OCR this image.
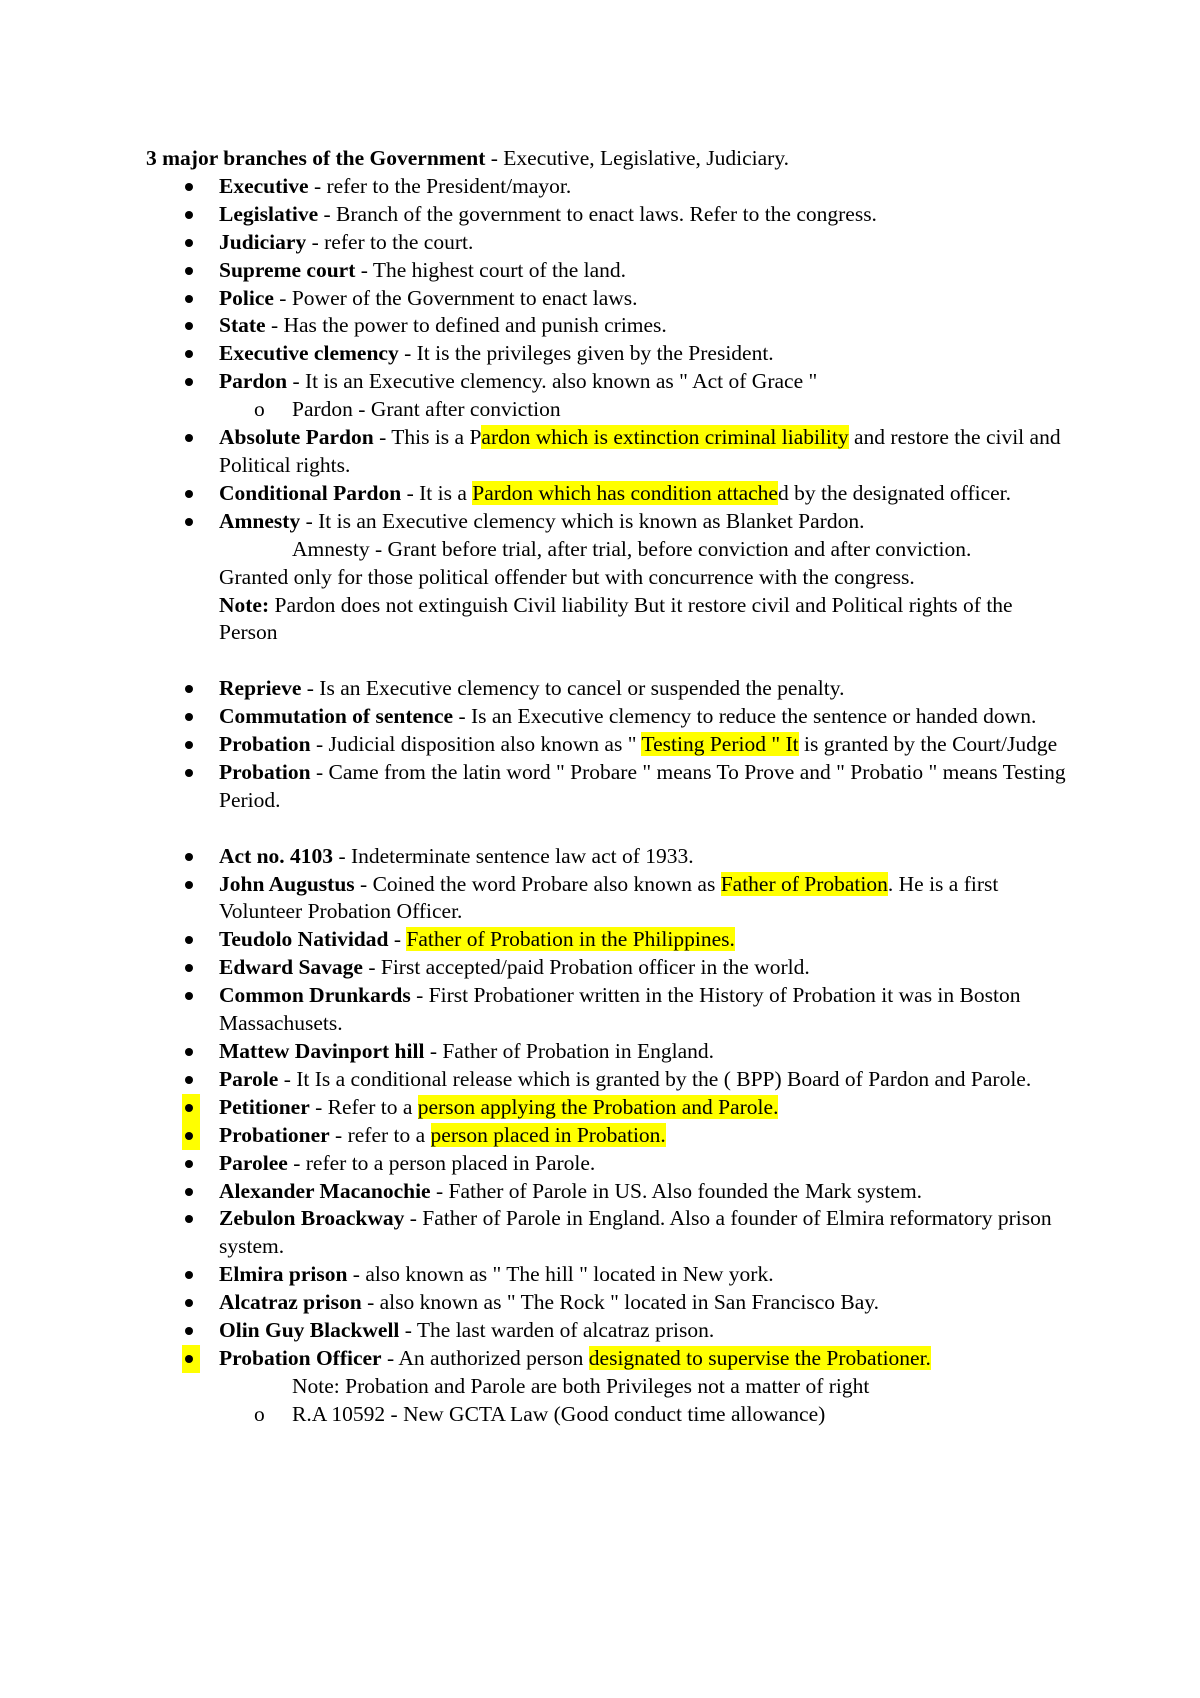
3 major branches of the Government - Executive, Legislative, Judiciary.
Executive - refer to the President/mayor.
Legislative - Branch of the government to enact laws. Refer to the congress.
Judiciary - refer to the court.
Supreme court - The highest court of the land.
Police - Power of the Government to enact laws.
State - Has the power to defined and punish crimes.
Executive clemency - It is the privileges given by the President.
Pardon - It is an Executive clemency. also known as " Act of Grace "
o Pardon - Grant after conviction
Absolute Pardon - This is a Pardon which is extinction criminal liability and restore the civil and Political rights.
Conditional Pardon - It is a Pardon which has condition attached by the designated officer.
Amnesty - It is an Executive clemency which is known as Blanket Pardon.
Amnesty - Grant before trial, after trial, before conviction and after conviction.
Granted only for those political offender but with concurrence with the congress.
Note: Pardon does not extinguish Civil liability But it restore civil and Political rights of the Person
Reprieve - Is an Executive clemency to cancel or suspended the penalty.
Commutation of sentence - Is an Executive clemency to reduce the sentence or handed down.
Probation - Judicial disposition also known as " Testing Period " It is granted by the Court/Judge
Probation - Came from the latin word " Probare " means To Prove and " Probatio " means Testing Period.
Act no. 4103 - Indeterminate sentence law act of 1933.
John Augustus - Coined the word Probare also known as Father of Probation. He is a first Volunteer Probation Officer.
Teudolo Natividad - Father of Probation in the Philippines.
Edward Savage - First accepted/paid Probation officer in the world.
Common Drunkards - First Probationer written in the History of Probation it was in Boston Massachusets.
Mattew Davinport hill - Father of Probation in England.
Parole - It Is a conditional release which is granted by the ( BPP) Board of Pardon and Parole.
Petitioner - Refer to a person applying the Probation and Parole.
Probationer - refer to a person placed in Probation.
Parolee - refer to a person placed in Parole.
Alexander Macanochie - Father of Parole in US. Also founded the Mark system.
Zebulon Broackway - Father of Parole in England. Also a founder of Elmira reformatory prison system.
Elmira prison - also known as " The hill " located in New york.
Alcatraz prison - also known as " The Rock " located in San Francisco Bay.
Olin Guy Blackwell - The last warden of alcatraz prison.
Probation Officer - An authorized person designated to supervise the Probationer.
Note: Probation and Parole are both Privileges not a matter of right
o R.A 10592 - New GCTA Law (Good conduct time allowance)
